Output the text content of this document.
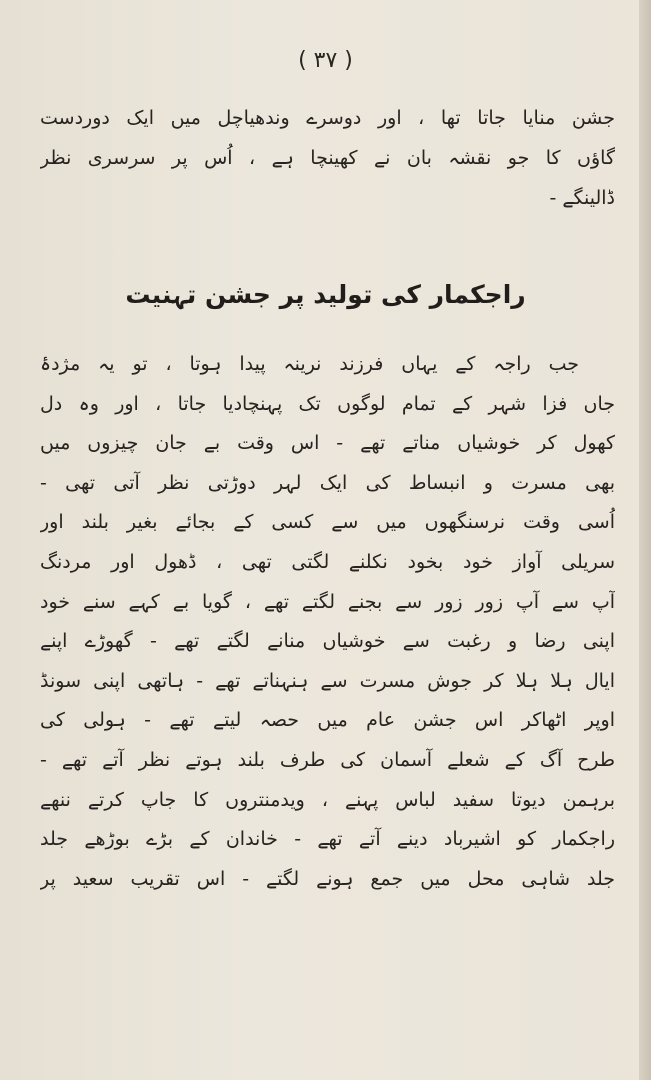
( ۳۷ )
جشن منایا جاتا تھا ، اور دوسرے وندھیاچل میں ایک دوردست
گاؤں کا جو نقشہ بان نے کھینچا ہے ، اُس پر سرسری نظر
ڈالینگے -
راجکمار کی تولید پر جشن تہنیت
جب راجہ کے یہاں فرزند نرینہ پیدا ہوتا ، تو یہ مژدۂ
جاں فزا شہر کے تمام لوگوں تک پہنچادیا جاتا ، اور وہ دل
کھول کر خوشیاں مناتے تھے - اس وقت بے جان چیزوں میں
بھی مسرت و انبساط کی ایک لہر دوڑتی نظر آتی تھی -
اُسی وقت نرسنگھوں میں سے کسی کے بجائے بغیر بلند اور
سریلی آواز خود بخود نکلنے لگتی تھی ، ڈھول اور مردنگ
آپ سے آپ زور زور سے بجنے لگتے تھے ، گویا بے کہے سنے خود
اپنی رضا و رغبت سے خوشیاں منانے لگتے تھے - گھوڑے اپنے
ایال ہلا ہلا کر جوش مسرت سے ہنہناتے تھے - ہاتھی اپنی سونڈ
اوپر اٹھاکر اس جشن عام میں حصہ لیتے تھے - ہولی کی
طرح آگ کے شعلے آسمان کی طرف بلند ہوتے نظر آتے تھے -
برہمن دیوتا سفید لباس پہنے ، ویدمنتروں کا جاپ کرتے ننھے
راجکمار کو اشیرباد دینے آتے تھے - خاندان کے بڑے بوڑھے جلد
جلد شاہی محل میں جمع ہونے لگتے - اس تقریب سعید پر
